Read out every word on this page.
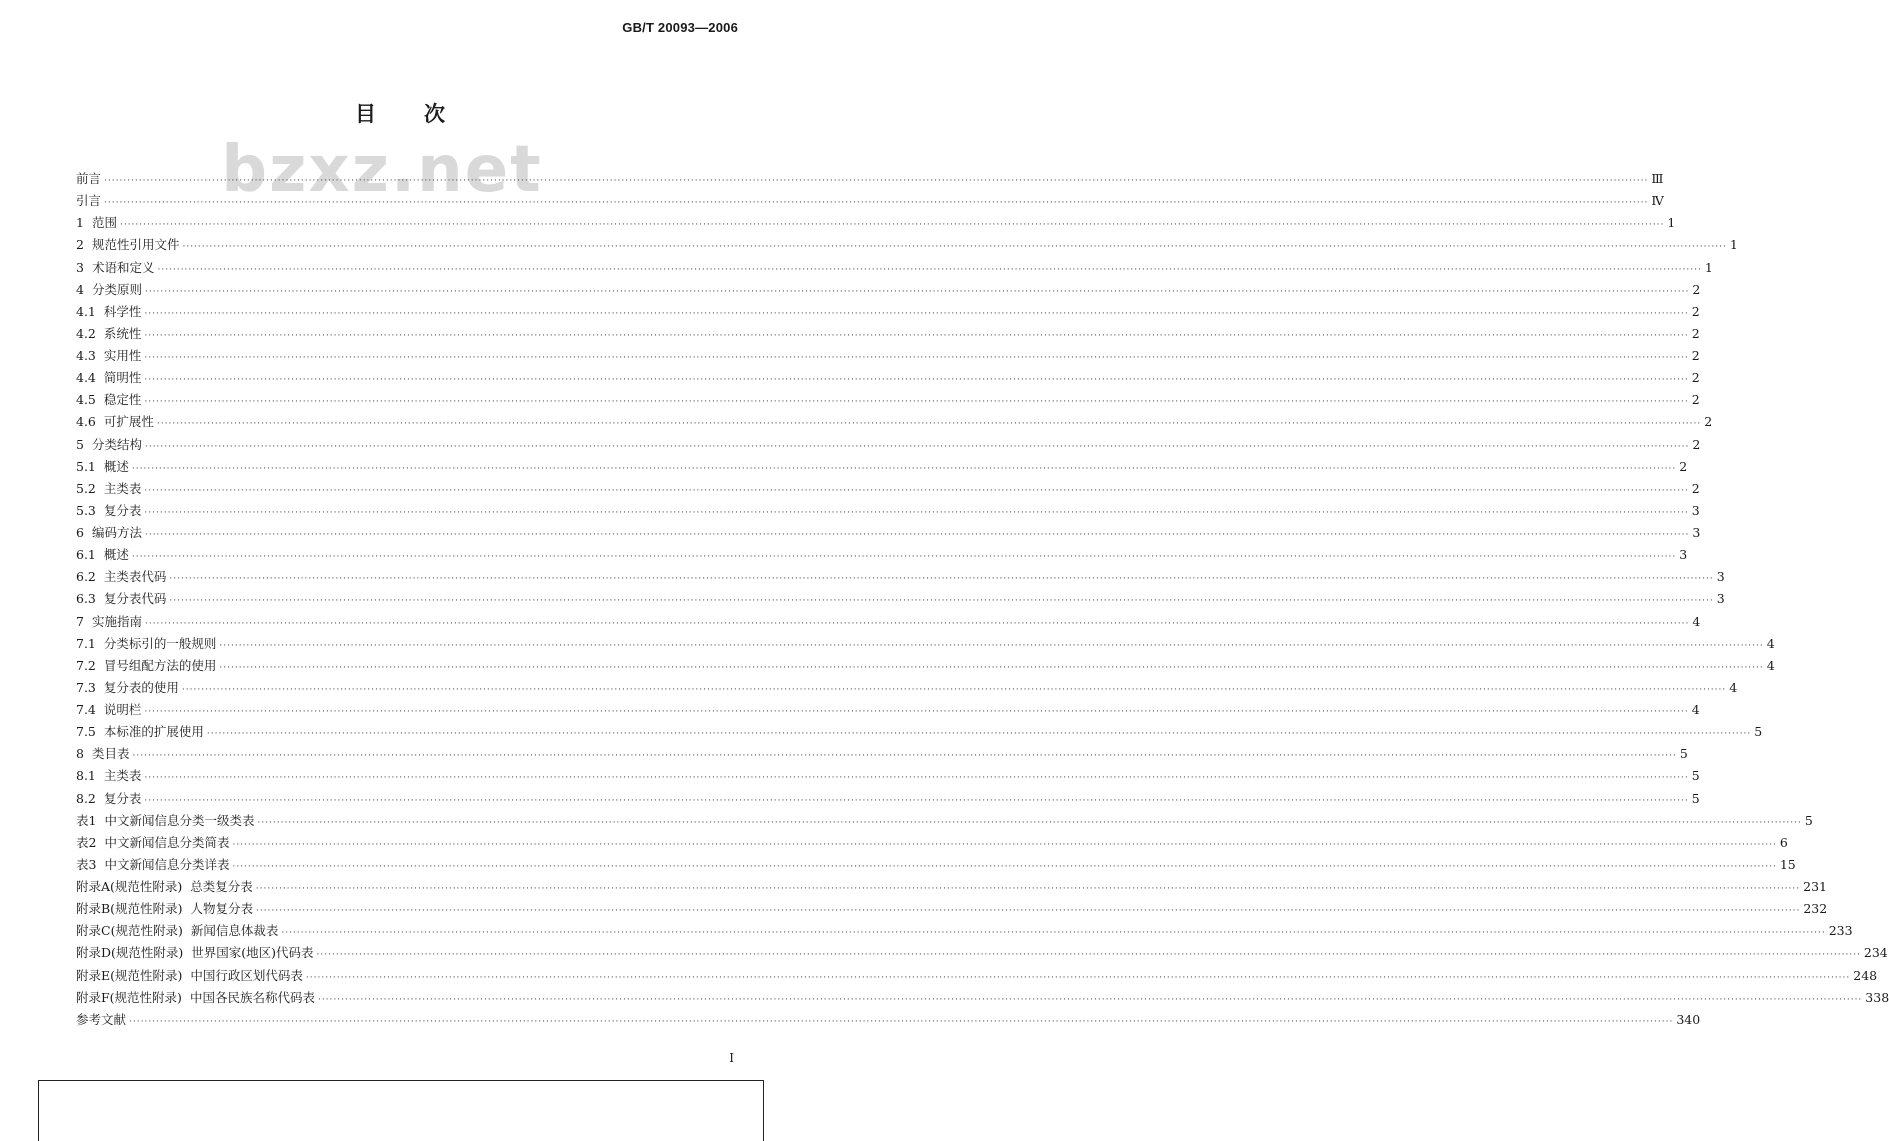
GB/T 20093—2006
目 次
bzxz.net
前言 ················································································································································································································································································································································································································ Ⅲ
引言 ················································································································································································································································································································································································································ Ⅳ
1 范围 ················································································································································································································································································································································································································ 1
2 规范性引用文件 ················································································································································································································································································································································································································ 1
3 术语和定义 ················································································································································································································································································································································································································ 1
4 分类原则 ················································································································································································································································································································································································································ 2
4.1 科学性 ················································································································································································································································································································································································································ 2
4.2 系统性 ················································································································································································································································································································································································································ 2
4.3 实用性 ················································································································································································································································································································································································································ 2
4.4 简明性 ················································································································································································································································································································································································································ 2
4.5 稳定性 ················································································································································································································································································································································································································ 2
4.6 可扩展性 ················································································································································································································································································································································································································ 2
5 分类结构 ················································································································································································································································································································································································································ 2
5.1 概述 ················································································································································································································································································································································································································ 2
5.2 主类表 ················································································································································································································································································································································································································ 2
5.3 复分表 ················································································································································································································································································································································································································ 3
6 编码方法 ················································································································································································································································································································································································································ 3
6.1 概述 ················································································································································································································································································································································································································ 3
6.2 主类表代码 ················································································································································································································································································································································································································ 3
6.3 复分表代码 ················································································································································································································································································································································································································ 3
7 实施指南 ················································································································································································································································································································································································································ 4
7.1 分类标引的一般规则 ················································································································································································································································································································································································································ 4
7.2 冒号组配方法的使用 ················································································································································································································································································································································································································ 4
7.3 复分表的使用 ················································································································································································································································································································································································································ 4
7.4 说明栏 ················································································································································································································································································································································································································ 4
7.5 本标准的扩展使用 ················································································································································································································································································································································································································ 5
8 类目表 ················································································································································································································································································································································································································ 5
8.1 主类表 ················································································································································································································································································································································································································ 5
8.2 复分表 ················································································································································································································································································································································································································ 5
表1 中文新闻信息分类一级类表 ················································································································································································································································································································································································································ 5
表2 中文新闻信息分类简表 ················································································································································································································································································································································································································ 6
表3 中文新闻信息分类详表 ················································································································································································································································································································································································································ 15
附录A(规范性附录) 总类复分表 ················································································································································································································································································································································································································ 231
附录B(规范性附录) 人物复分表 ················································································································································································································································································································································································································ 232
附录C(规范性附录) 新闻信息体裁表 ················································································································································································································································································································································································································ 233
附录D(规范性附录) 世界国家(地区)代码表 ················································································································································································································································································································································································································ 234
附录E(规范性附录) 中国行政区划代码表 ················································································································································································································································································································································································································ 248
附录F(规范性附录) 中国各民族名称代码表 ················································································································································································································································································································································································································ 338
参考文献 ················································································································································································································································································································································································································ 340
Ⅰ
